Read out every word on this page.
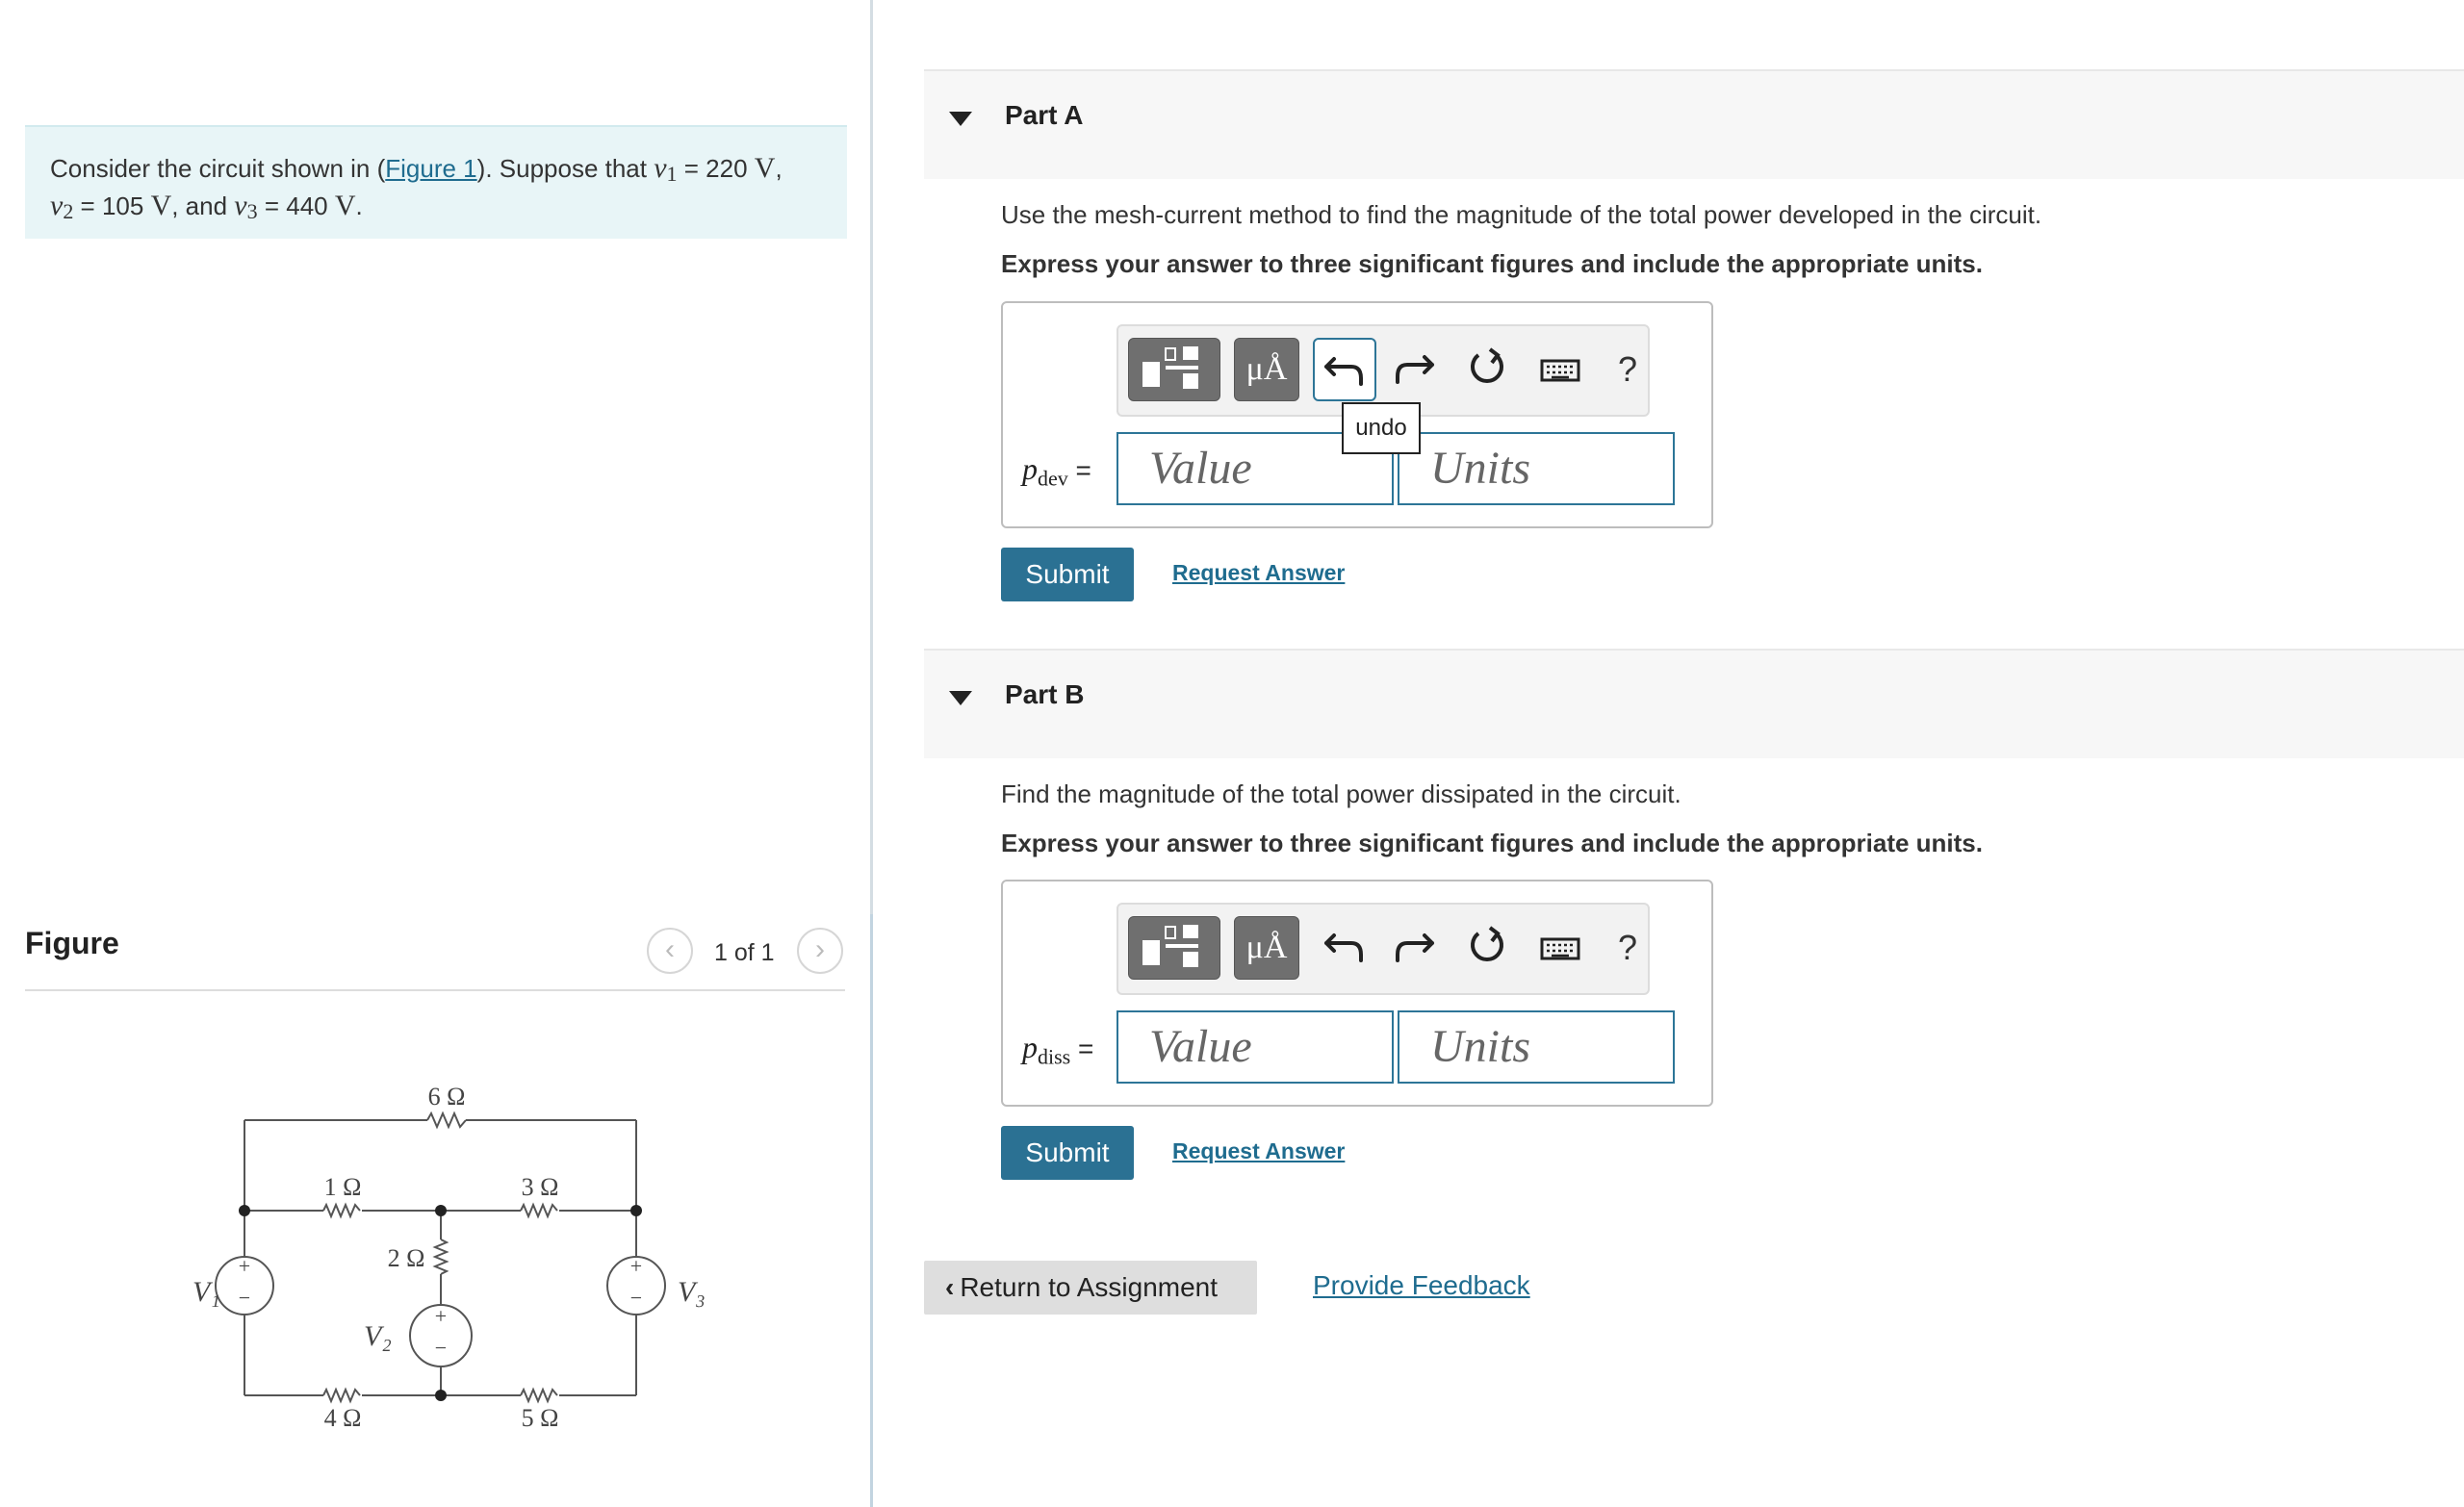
Consider the circuit shown in (Figure 1). Suppose that $v_1 = 220$ V,
$v_2 = 105$ V, and $v_3 = 440$ V.
Figure	‹	1 of 1	›
+
−
+
−
+
−
6 Ω
1 Ω	3 Ω
2 Ω
4 Ω	5 Ω
V₁
V₂
V₃
Part A
Use the mesh-current method to find the magnitude of the total power developed in the circuit.
Express your answer to three significant figures and include the appropriate units.
μÅ	?
$p_{dev}$ =	Value	Units
undo
Submit	Request Answer
Part B
Find the magnitude of the total power dissipated in the circuit.
Express your answer to three significant figures and include the appropriate units.
μÅ	?
$p_{diss}$ =	Value	Units
Submit	Request Answer
‹ Return to Assignment	Provide Feedback
